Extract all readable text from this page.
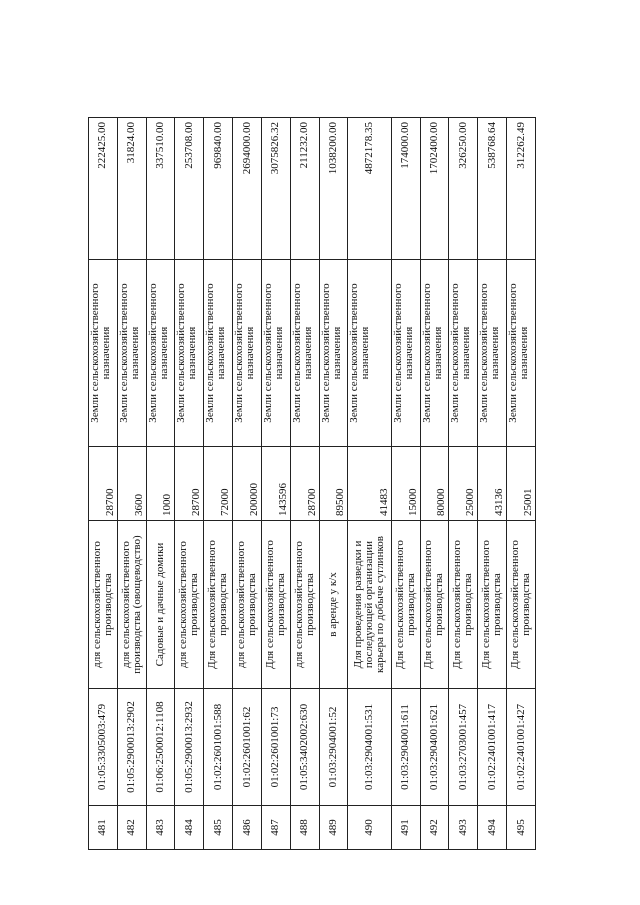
481	01:05:3305003:479	для сельскохозяйственного производства	28700	Земли сельскохозяйственного назначения	222425.00
482	01:05:2900013:2902	для сельскохозяйственного производства (овощеводство)	3600	Земли сельскохозяйственного назначения	31824.00
483	01:06:2500012:1108	Садовые и дачные домики	1000	Земли сельскохозяйственного назначения	337510.00
484	01:05:2900013:2932	для сельскохозяйственного производства	28700	Земли сельскохозяйственного назначения	253708.00
485	01:02:2601001:588	Для сельскохозяйственного производства	72000	Земли сельскохозяйственного назначения	969840.00
486	01:02:2601001:62	для сельскохозяйственного производства	200000	Земли сельскохозяйственного назначения	2694000.00
487	01:02:2601001:73	Для сельскохозяйственного производства	143596	Земли сельскохозяйственного назначения	3075826.32
488	01:05:3402002:630	для сельскохозяйственного производства	28700	Земли сельскохозяйственного назначения	211232.00
489	01:03:2904001:52	в аренде у к/х	89500	Земли сельскохозяйственного назначения	1038200.00
490	01:03:2904001:531	Для проведения разведки и последующей организации карьера по добыче суглинков	41483	Земли сельскохозяйственного назначения	4872178.35
491	01:03:2904001:611	Для сельскохозяйственного производства	15000	Земли сельскохозяйственного назначения	174000.00
492	01:03:2904001:621	Для сельскохозяйственного производства	80000	Земли сельскохозяйственного назначения	1702400.00
493	01:03:2703001:457	Для сельскохозяйственного производства	25000	Земли сельскохозяйственного назначения	326250.00
494	01:02:2401001:417	Для сельскохозяйственного производства	43136	Земли сельскохозяйственного назначения	538768.64
495	01:02:2401001:427	Для сельскохозяйственного производства	25001	Земли сельскохозяйственного назначения	312262.49
